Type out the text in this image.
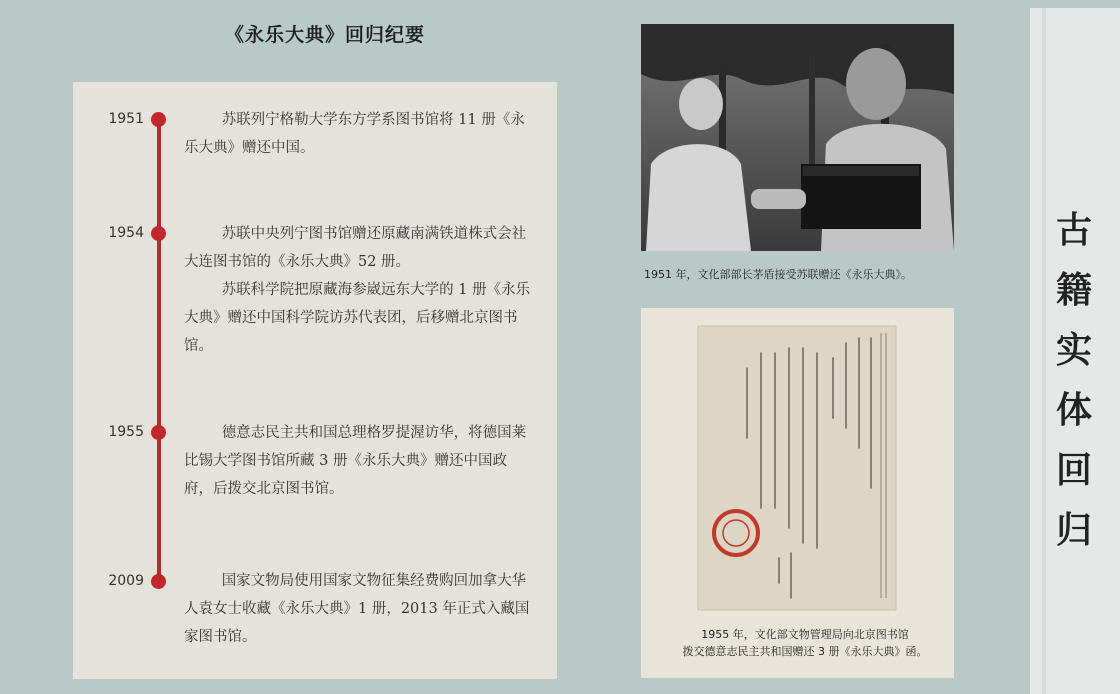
《永乐大典》回归纪要
1951	苏联列宁格勒大学东方学系图书馆将 11 册《永乐大典》赠还中国。

1954	苏联中央列宁图书馆赠还原藏南满铁道株式会社大连图书馆的《永乐大典》52 册。

苏联科学院把原藏海参崴远东大学的 1 册《永乐大典》赠还中国科学院访苏代表团，后移赠北京图书馆。

1955	德意志民主共和国总理格罗提渥访华，将德国莱比锡大学图书馆所藏 3 册《永乐大典》赠还中国政府，后拨交北京图书馆。

2009	国家文物局使用国家文物征集经费购回加拿大华人袁女士收藏《永乐大典》1 册，2013 年正式入藏国家图书馆。

1951 年，文化部部长茅盾接受苏联赠还《永乐大典》。
1955 年，文化部文物管理局向北京图书馆
拨交德意志民主共和国赠还 3 册《永乐大典》函。
古
籍
实
体
回
归
